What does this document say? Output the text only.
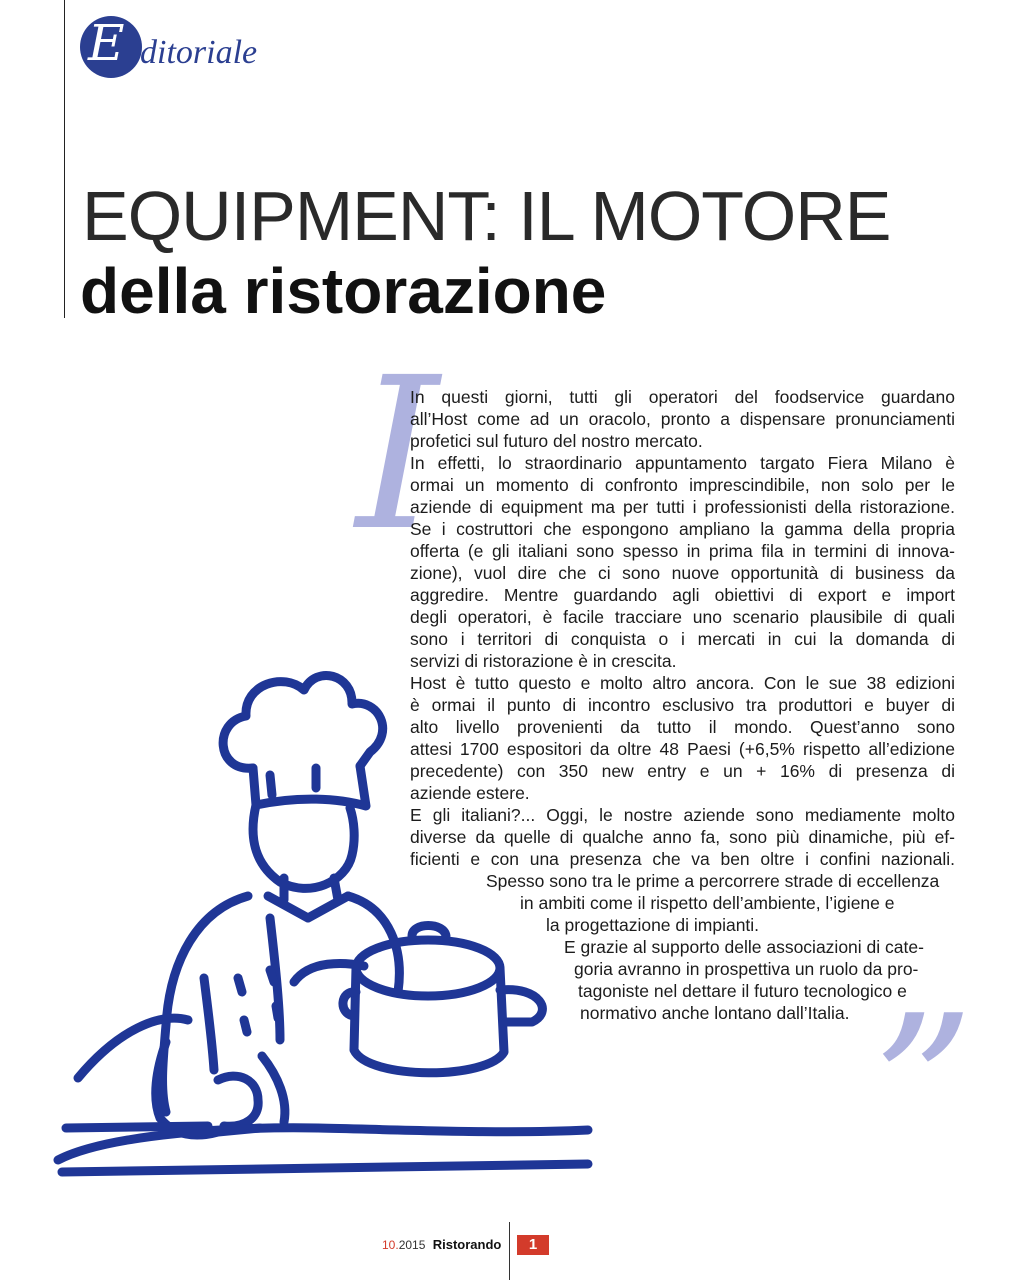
E ditoriale
EQUIPMENT: IL MOTORE
della ristorazione
I
”
In questi giorni, tutti gli operatori del foodservice guardano
all’Host come ad un oracolo, pronto a dispensare pronunciamenti
profetici sul futuro del nostro mercato.
In effetti, lo straordinario appuntamento targato Fiera Milano è
ormai un momento di confronto imprescindibile, non solo per le
aziende di equipment ma per tutti i professionisti della ristorazione.
Se i costruttori che espongono ampliano la gamma della propria
offerta (e gli italiani sono spesso in prima fila in termini di innova-
zione), vuol dire che ci sono nuove opportunità di business da
aggredire. Mentre guardando agli obiettivi di export e import
degli operatori, è facile tracciare uno scenario plausibile di quali
sono i territori di conquista o i mercati in cui la domanda di
servizi di ristorazione è in crescita.
Host è tutto questo e molto altro ancora. Con le sue 38 edizioni
è ormai il punto di incontro esclusivo tra produttori e buyer di
alto livello provenienti da tutto il mondo. Quest’anno sono
attesi 1700 espositori da oltre 48 Paesi (+6,5% rispetto all’edizione
precedente) con 350 new entry e un + 16% di presenza di
aziende estere.
E gli italiani?... Oggi, le nostre aziende sono mediamente molto
diverse da quelle di qualche anno fa, sono più dinamiche, più ef-
ficienti e con una presenza che va ben oltre i confini nazionali.
Spesso sono tra le prime a percorrere strade di eccellenza
in ambiti come il rispetto dell’ambiente, l’igiene e
la progettazione di impianti.
E grazie al supporto delle associazioni di cate-
goria avranno in prospettiva un ruolo da pro-
tagoniste nel dettare il futuro tecnologico e
normativo anche lontano dall’Italia.
10.2015 Ristorando	1
